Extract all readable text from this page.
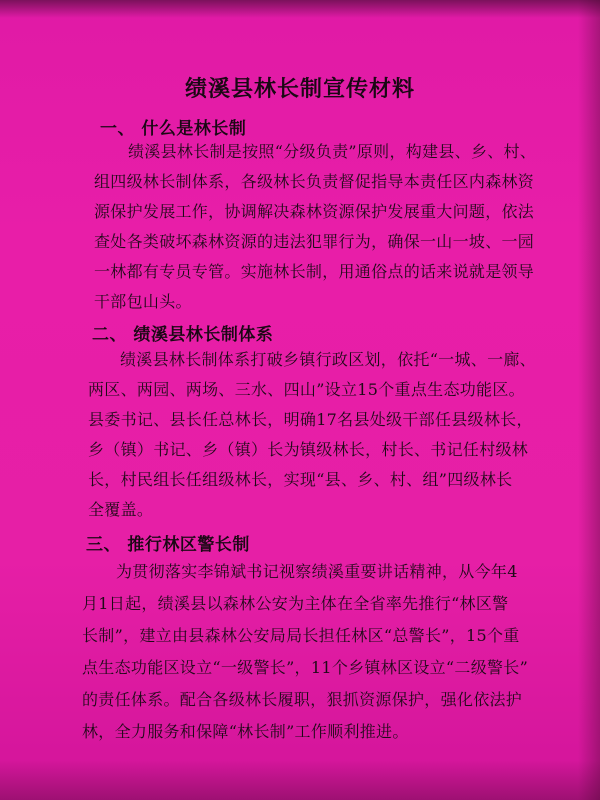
绩溪县林长制宣传材料
一、 什么是林长制
绩溪县林长制是按照“分级负责”原则，构建县、乡、村、
组四级林长制体系，各级林长负责督促指导本责任区内森林资
源保护发展工作，协调解决森林资源保护发展重大问题，依法
查处各类破坏森林资源的违法犯罪行为，确保一山一坡、一园
一林都有专员专管。实施林长制，用通俗点的话来说就是领导
干部包山头。
二、 绩溪县林长制体系
绩溪县林长制体系打破乡镇行政区划，依托“一城、一廊、
两区、两园、两场、三水、四山”设立15个重点生态功能区。
县委书记、县长任总林长，明确17名县处级干部任县级林长，
乡（镇）书记、乡（镇）长为镇级林长，村长、书记任村级林
长，村民组长任组级林长，实现“县、乡、村、组”四级林长
全覆盖。
三、 推行林区警长制
为贯彻落实李锦斌书记视察绩溪重要讲话精神，从今年4
月1日起，绩溪县以森林公安为主体在全省率先推行“林区警
长制”，建立由县森林公安局局长担任林区“总警长”，15个重
点生态功能区设立“一级警长”，11个乡镇林区设立“二级警长”
的责任体系。配合各级林长履职，狠抓资源保护，强化依法护
林，全力服务和保障“林长制”工作顺利推进。
